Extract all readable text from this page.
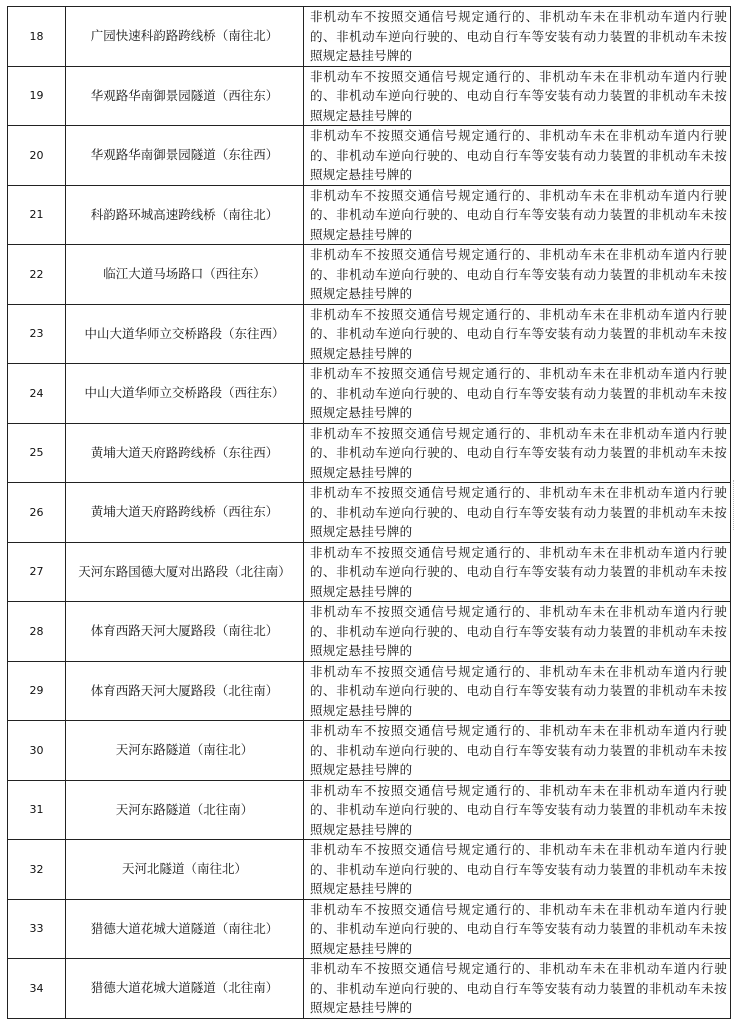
18	广园快速科韵路跨线桥（南往北）	非机动车不按照交通信号规定通行的、非机动车未在非机动车道内行驶的、非机动车逆向行驶的、电动自行车等安装有动力装置的非机动车未按照规定悬挂号牌的
19	华观路华南御景园隧道（西往东）	非机动车不按照交通信号规定通行的、非机动车未在非机动车道内行驶的、非机动车逆向行驶的、电动自行车等安装有动力装置的非机动车未按照规定悬挂号牌的
20	华观路华南御景园隧道（东往西）	非机动车不按照交通信号规定通行的、非机动车未在非机动车道内行驶的、非机动车逆向行驶的、电动自行车等安装有动力装置的非机动车未按照规定悬挂号牌的
21	科韵路环城高速跨线桥（南往北）	非机动车不按照交通信号规定通行的、非机动车未在非机动车道内行驶的、非机动车逆向行驶的、电动自行车等安装有动力装置的非机动车未按照规定悬挂号牌的
22	临江大道马场路口（西往东）	非机动车不按照交通信号规定通行的、非机动车未在非机动车道内行驶的、非机动车逆向行驶的、电动自行车等安装有动力装置的非机动车未按照规定悬挂号牌的
23	中山大道华师立交桥路段（东往西）	非机动车不按照交通信号规定通行的、非机动车未在非机动车道内行驶的、非机动车逆向行驶的、电动自行车等安装有动力装置的非机动车未按照规定悬挂号牌的
24	中山大道华师立交桥路段（西往东）	非机动车不按照交通信号规定通行的、非机动车未在非机动车道内行驶的、非机动车逆向行驶的、电动自行车等安装有动力装置的非机动车未按照规定悬挂号牌的
25	黄埔大道天府路跨线桥（东往西）	非机动车不按照交通信号规定通行的、非机动车未在非机动车道内行驶的、非机动车逆向行驶的、电动自行车等安装有动力装置的非机动车未按照规定悬挂号牌的
26	黄埔大道天府路跨线桥（西往东）	非机动车不按照交通信号规定通行的、非机动车未在非机动车道内行驶的、非机动车逆向行驶的、电动自行车等安装有动力装置的非机动车未按照规定悬挂号牌的
27	天河东路国德大厦对出路段（北往南）	非机动车不按照交通信号规定通行的、非机动车未在非机动车道内行驶的、非机动车逆向行驶的、电动自行车等安装有动力装置的非机动车未按照规定悬挂号牌的
28	体育西路天河大厦路段（南往北）	非机动车不按照交通信号规定通行的、非机动车未在非机动车道内行驶的、非机动车逆向行驶的、电动自行车等安装有动力装置的非机动车未按照规定悬挂号牌的
29	体育西路天河大厦路段（北往南）	非机动车不按照交通信号规定通行的、非机动车未在非机动车道内行驶的、非机动车逆向行驶的、电动自行车等安装有动力装置的非机动车未按照规定悬挂号牌的
30	天河东路隧道（南往北）	非机动车不按照交通信号规定通行的、非机动车未在非机动车道内行驶的、非机动车逆向行驶的、电动自行车等安装有动力装置的非机动车未按照规定悬挂号牌的
31	天河东路隧道（北往南）	非机动车不按照交通信号规定通行的、非机动车未在非机动车道内行驶的、非机动车逆向行驶的、电动自行车等安装有动力装置的非机动车未按照规定悬挂号牌的
32	天河北隧道（南往北）	非机动车不按照交通信号规定通行的、非机动车未在非机动车道内行驶的、非机动车逆向行驶的、电动自行车等安装有动力装置的非机动车未按照规定悬挂号牌的
33	猎德大道花城大道隧道（南往北）	非机动车不按照交通信号规定通行的、非机动车未在非机动车道内行驶的、非机动车逆向行驶的、电动自行车等安装有动力装置的非机动车未按照规定悬挂号牌的
34	猎德大道花城大道隧道（北往南）	非机动车不按照交通信号规定通行的、非机动车未在非机动车道内行驶的、非机动车逆向行驶的、电动自行车等安装有动力装置的非机动车未按照规定悬挂号牌的
